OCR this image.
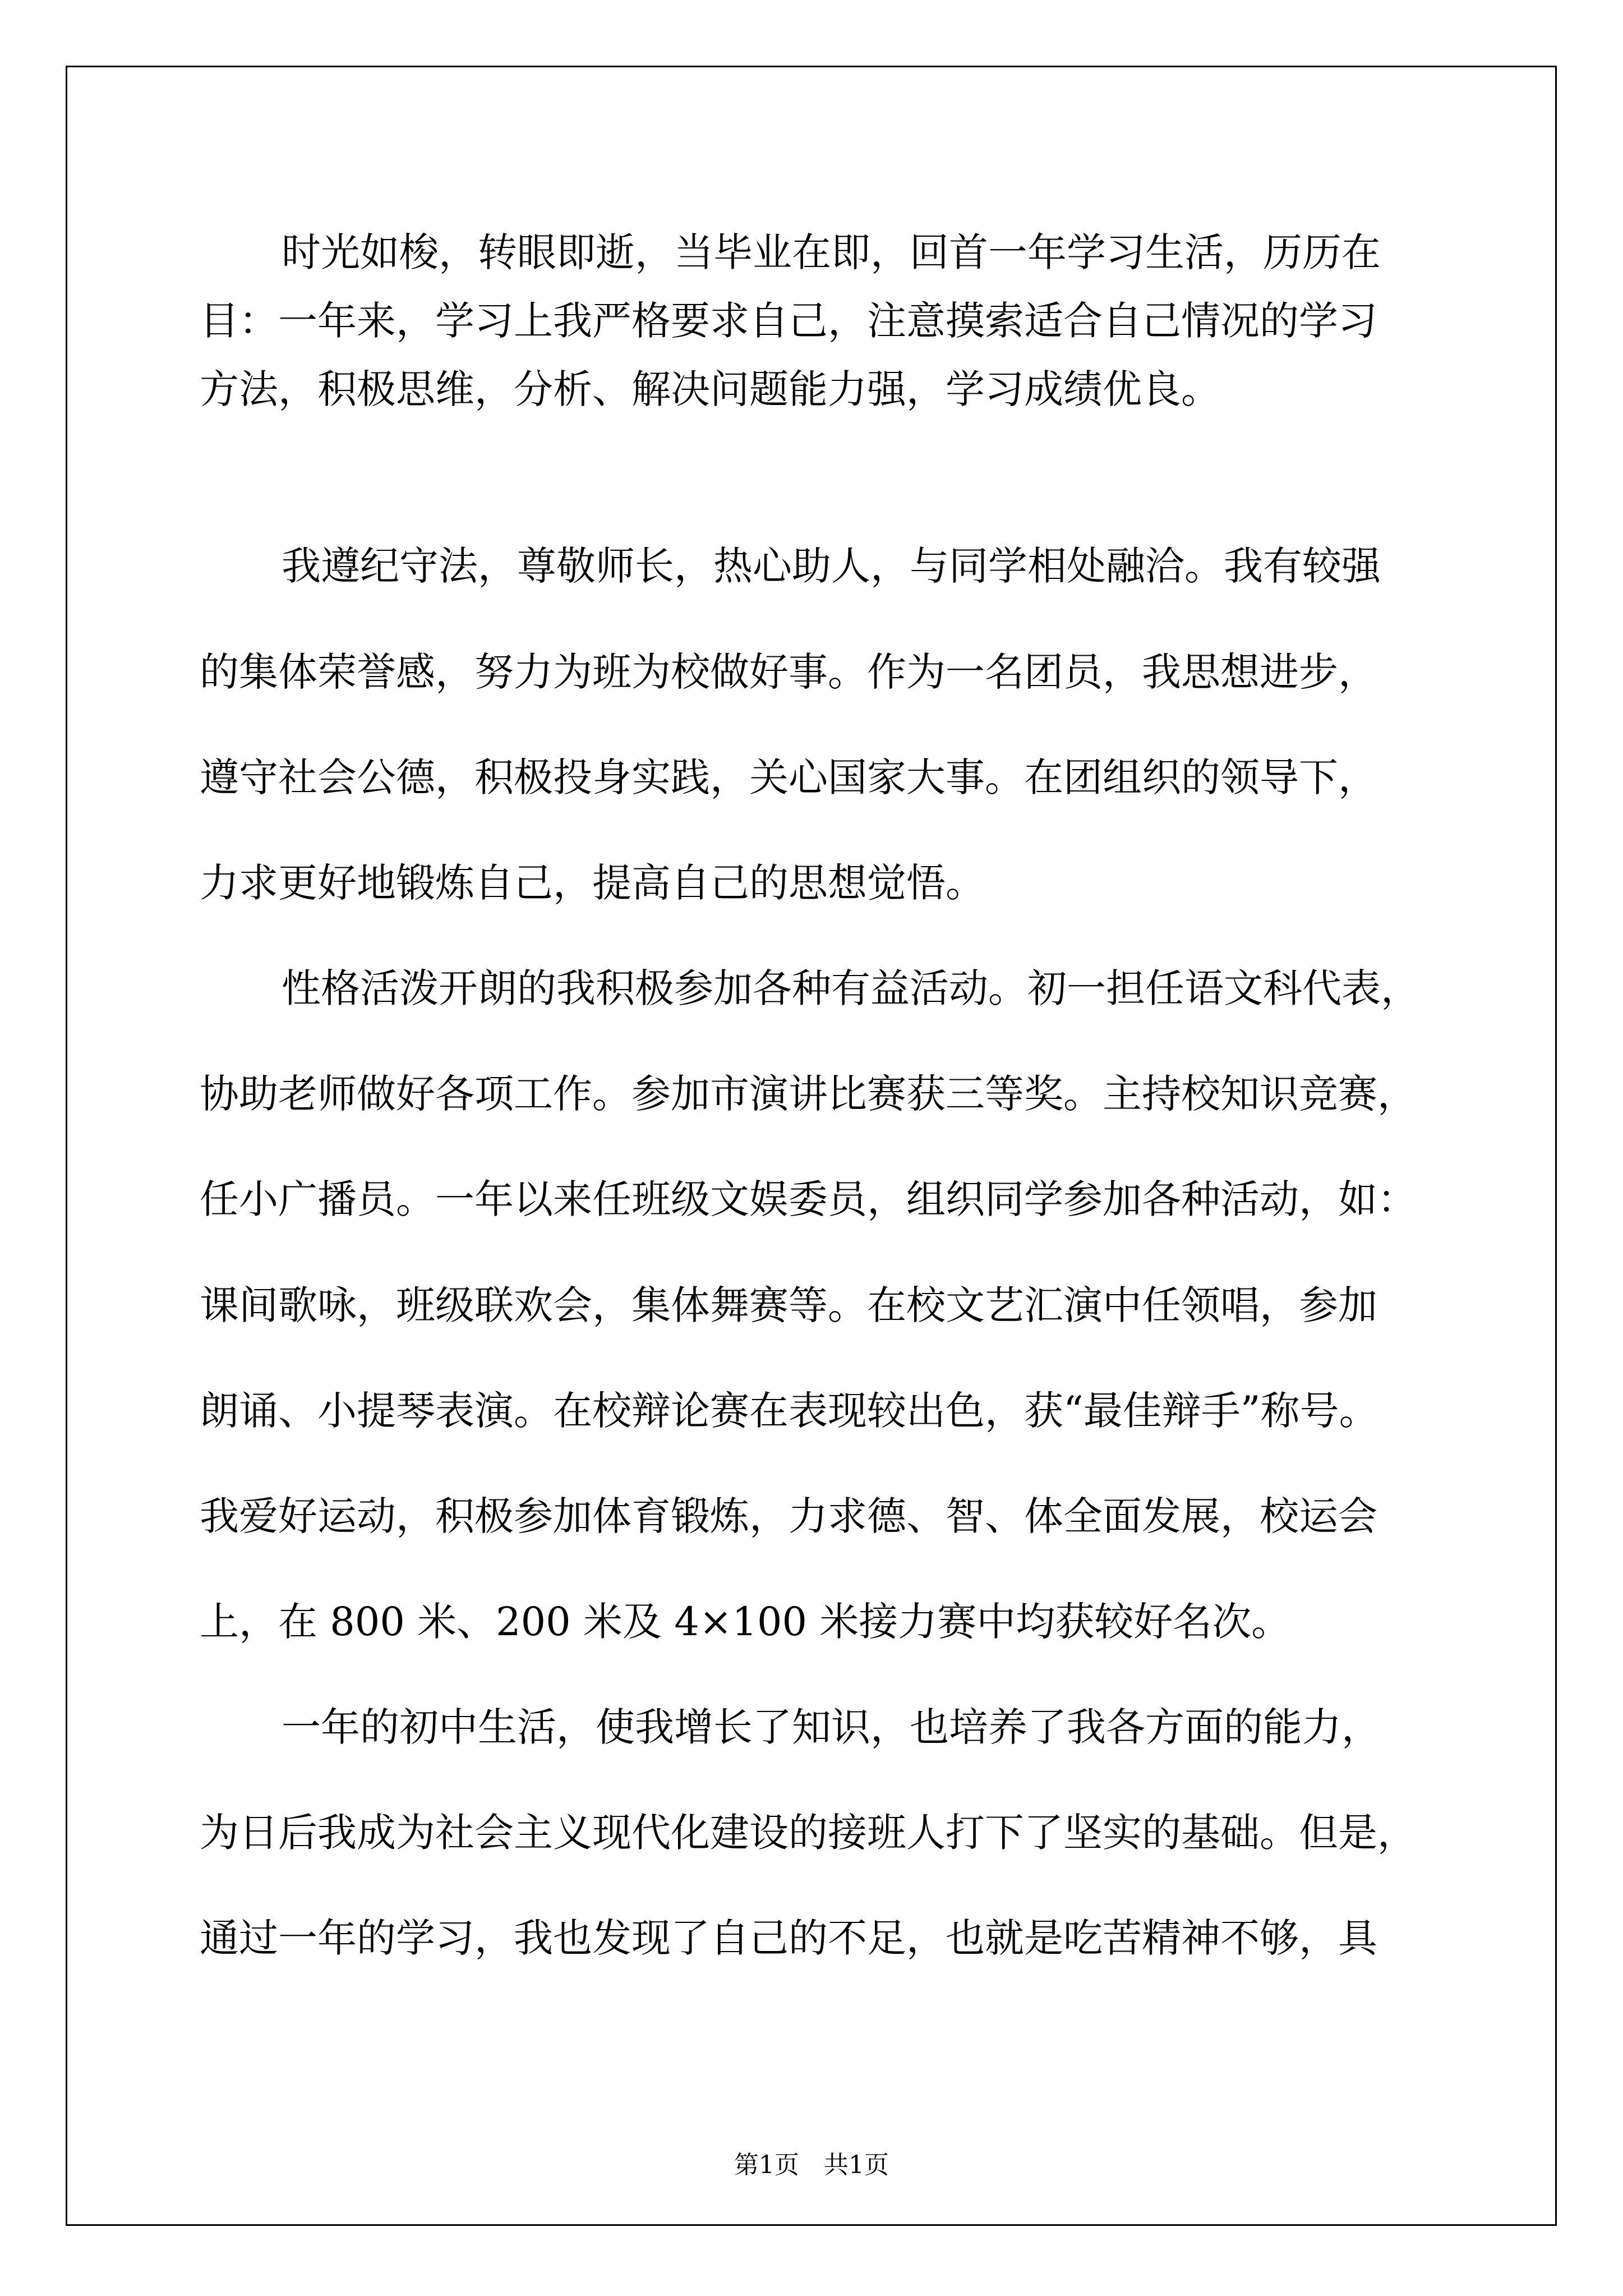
时光如梭，转眼即逝，当毕业在即，回首一年学习生活，历历在
目：一年来，学习上我严格要求自己，注意摸索适合自己情况的学习
方法，积极思维，分析、解决问题能力强，学习成绩优良。
我遵纪守法，尊敬师长，热心助人，与同学相处融洽。我有较强
的集体荣誉感，努力为班为校做好事。作为一名团员，我思想进步，
遵守社会公德，积极投身实践，关心国家大事。在团组织的领导下，
力求更好地锻炼自己，提高自己的思想觉悟。
性格活泼开朗的我积极参加各种有益活动。初一担任语文科代表，
协助老师做好各项工作。参加市演讲比赛获三等奖。主持校知识竞赛，
任小广播员。一年以来任班级文娱委员，组织同学参加各种活动，如：
课间歌咏，班级联欢会，集体舞赛等。在校文艺汇演中任领唱，参加
朗诵、小提琴表演。在校辩论赛在表现较出色，获“最佳辩手”称号。
我爱好运动，积极参加体育锻炼，力求德、智、体全面发展，校运会
上，在 800 米、200 米及 4×100 米接力赛中均获较好名次。
一年的初中生活，使我增长了知识，也培养了我各方面的能力，
为日后我成为社会主义现代化建设的接班人打下了坚实的基础。但是，
通过一年的学习，我也发现了自己的不足，也就是吃苦精神不够，具
第1页　共1页
